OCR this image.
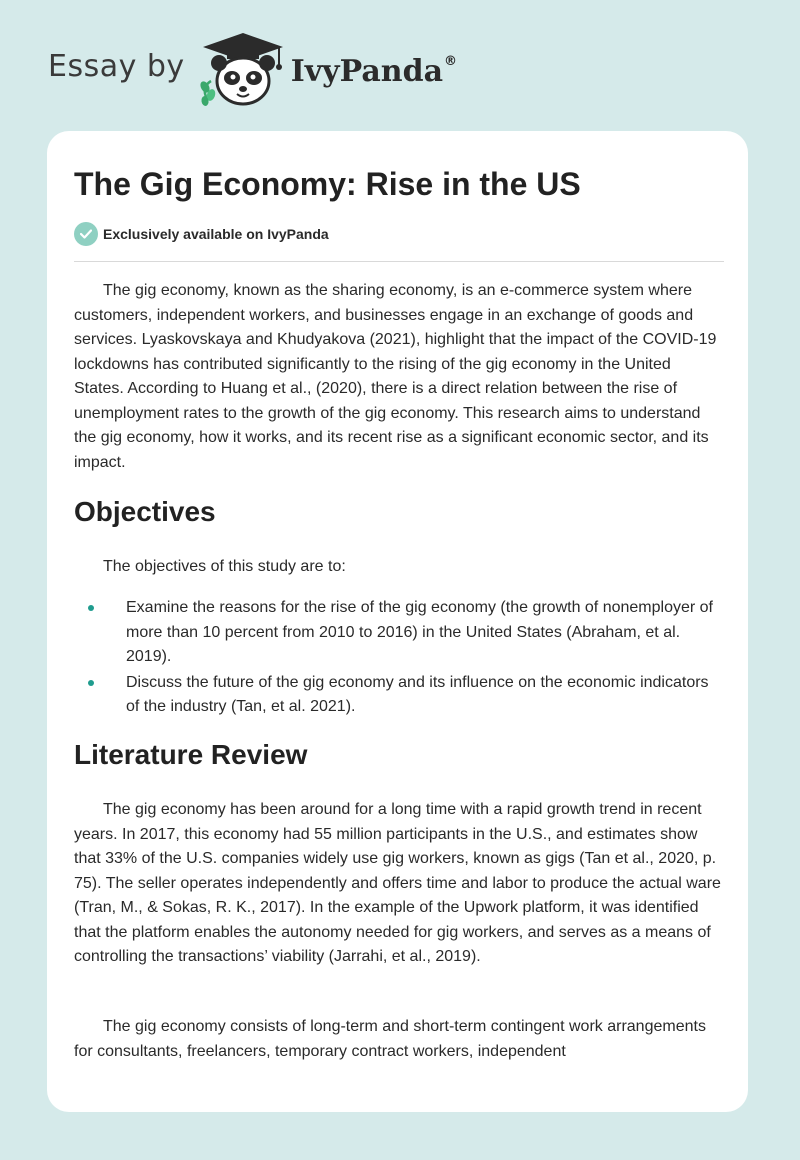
Essay by	IvyPanda®
The Gig Economy: Rise in the US
Exclusively available on IvyPanda

The gig economy, known as the sharing economy, is an e-commerce system where customers, independent workers, and businesses engage in an exchange of goods and services. Lyaskovskaya and Khudyakova (2021), highlight that the impact of the COVID-19 lockdowns has contributed significantly to the rising of the gig economy in the United States. According to Huang et al., (2020), there is a direct relation between the rise of unemployment rates to the growth of the gig economy. This research aims to understand the gig economy, how it works, and its recent rise as a significant economic sector, and its impact.

Objectives

The objectives of this study are to:

Examine the reasons for the rise of the gig economy (the growth of nonemployer of more than 10 percent from 2010 to 2016) in the United States (Abraham, et al. 2019).
Discuss the future of the gig economy and its influence on the economic indicators of the industry (Tan, et al. 2021).
Literature Review

The gig economy has been around for a long time with a rapid growth trend in recent years. In 2017, this economy had 55 million participants in the U.S., and estimates show that 33% of the U.S. companies widely use gig workers, known as gigs (Tan et al., 2020, p. 75). The seller operates independently and offers time and labor to produce the actual ware (Tran, M., & Sokas, R. K., 2017). In the example of the Upwork platform, it was identified that the platform enables the autonomy needed for gig workers, and serves as a means of controlling the transactions’ viability (Jarrahi, et al., 2019).

The gig economy consists of long-term and short-term contingent work arrangements for consultants, freelancers, temporary contract workers, independent
